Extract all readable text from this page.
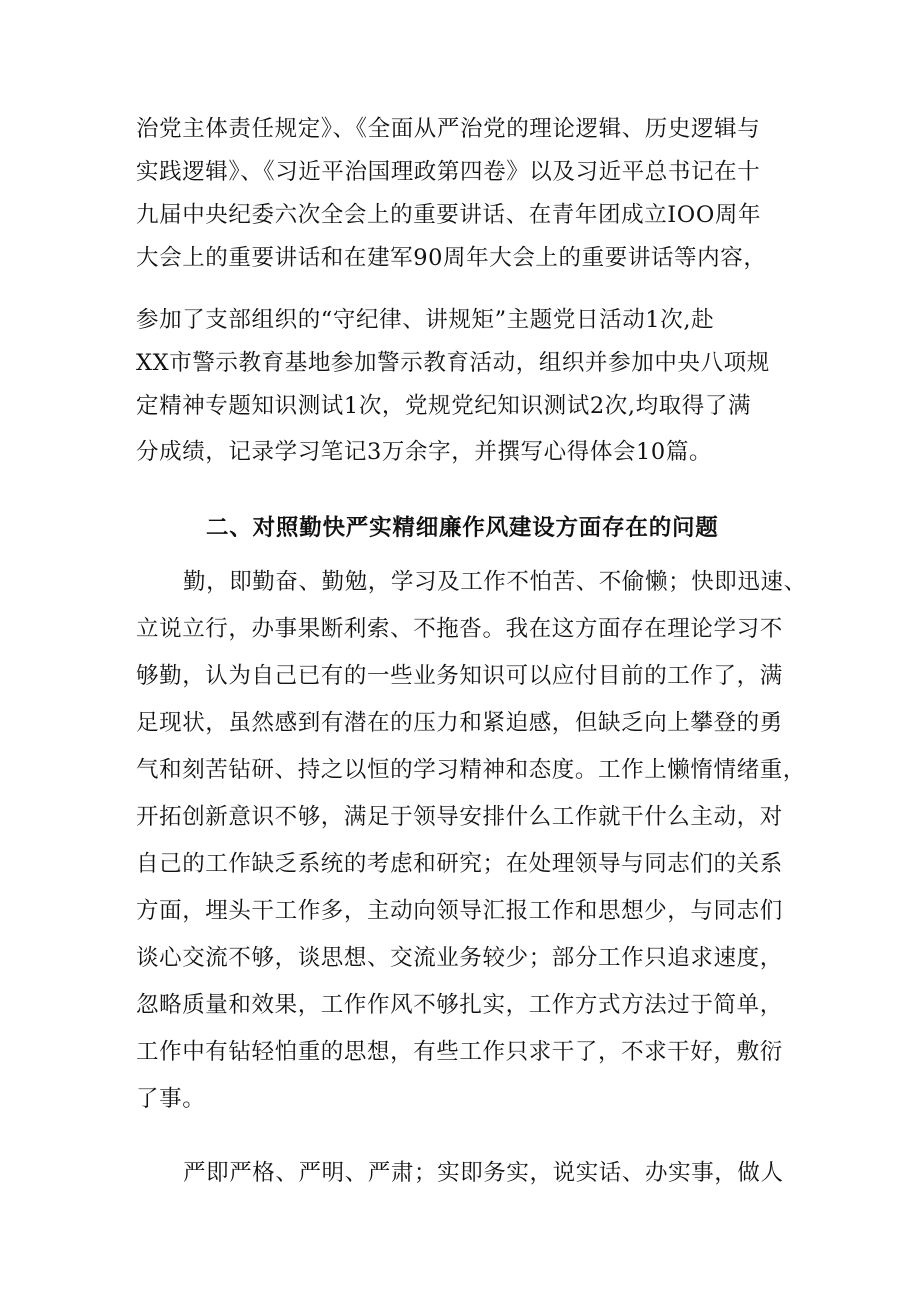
治党主体责任规定》、《全面从严治党的理论逻辑、历史逻辑与
实践逻辑》、《习近平治国理政第四卷》以及习近平总书记在十
九届中央纪委六次全会上的重要讲话、在青年团成立IOO周年
大会上的重要讲话和在建军90周年大会上的重要讲话等内容，
参加了支部组织的“守纪律、讲规矩”主题党日活动1次,赴
XX市警示教育基地参加警示教育活动，组织并参加中央八项规
定精神专题知识测试1次，党规党纪知识测试2次,均取得了满
分成绩，记录学习笔记3万余字，并撰写心得体会10篇。
二、对照勤快严实精细廉作风建设方面存在的问题
勤，即勤奋、勤勉，学习及工作不怕苦、不偷懒；快即迅速、
立说立行，办事果断利索、不拖沓。我在这方面存在理论学习不
够勤，认为自己已有的一些业务知识可以应付目前的工作了，满
足现状，虽然感到有潜在的压力和紧迫感，但缺乏向上攀登的勇
气和刻苦钻研、持之以恒的学习精神和态度。工作上懒惰情绪重，
开拓创新意识不够，满足于领导安排什么工作就干什么主动，对
自己的工作缺乏系统的考虑和研究；在处理领导与同志们的关系
方面，埋头干工作多，主动向领导汇报工作和思想少，与同志们
谈心交流不够，谈思想、交流业务较少；部分工作只追求速度，
忽略质量和效果，工作作风不够扎实，工作方式方法过于简单，
工作中有钻轻怕重的思想，有些工作只求干了，不求干好，敷衍
了事。
严即严格、严明、严肃；实即务实，说实话、办实事，做人
